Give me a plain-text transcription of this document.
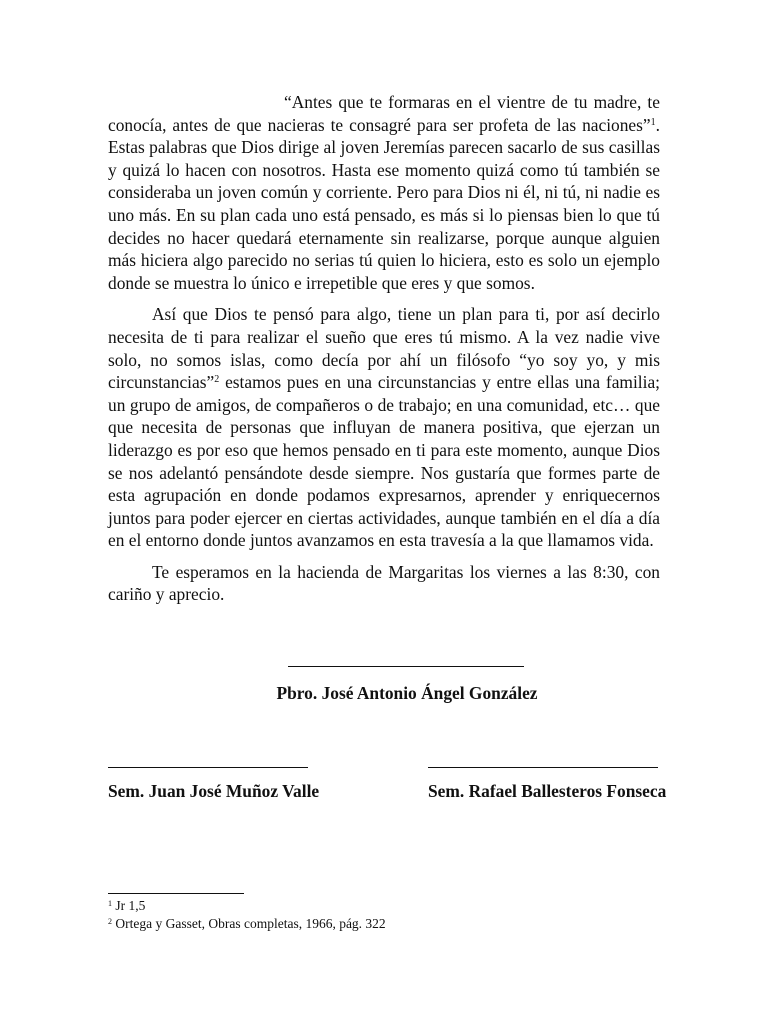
“Antes que te formaras en el vientre de tu madre, te conocía, antes de que nacieras te consagré para ser profeta de las naciones”$^1$. Estas palabras que Dios dirige al joven Jeremías parecen sacarlo de sus casillas y quizá lo hacen con nosotros. Hasta ese momento quizá como tú también se consideraba un joven común y corriente. Pero para Dios ni él, ni tú, ni nadie es uno más. En su plan cada uno está pensado, es más si lo piensas bien lo que tú decides no hacer quedará eternamente sin realizarse, porque aunque alguien más hiciera algo parecido no serias tú quien lo hiciera, esto es solo un ejemplo donde se muestra lo único e irrepetible que eres y que somos.

Así que Dios te pensó para algo, tiene un plan para ti, por así decirlo necesita de ti para realizar el sueño que eres tú mismo. A la vez nadie vive solo, no somos islas, como decía por ahí un filósofo “yo soy yo, y mis circunstancias”$^2$ estamos pues en una circunstancias y entre ellas una familia; un grupo de amigos, de compañeros o de trabajo; en una comunidad, etc… que que necesita de personas que influyan de manera positiva, que ejerzan un liderazgo es por eso que hemos pensado en ti para este momento, aunque Dios se nos adelantó pensándote desde siempre. Nos gustaría que formes parte de esta agrupación en donde podamos expresarnos, aprender y enriquecernos juntos para poder ejercer en ciertas actividades, aunque también en el día a día en el entorno donde juntos avanzamos en esta travesía a la que llamamos vida.

Te esperamos en la hacienda de Margaritas los viernes a las 8:30, con cariño y aprecio.

Pbro. José Antonio Ángel González
Sem. Juan José Muñoz Valle	Sem. Rafael Ballesteros Fonseca
$^1$ Jr 1,5
$^2$ Ortega y Gasset, Obras completas, 1966, pág. 322
